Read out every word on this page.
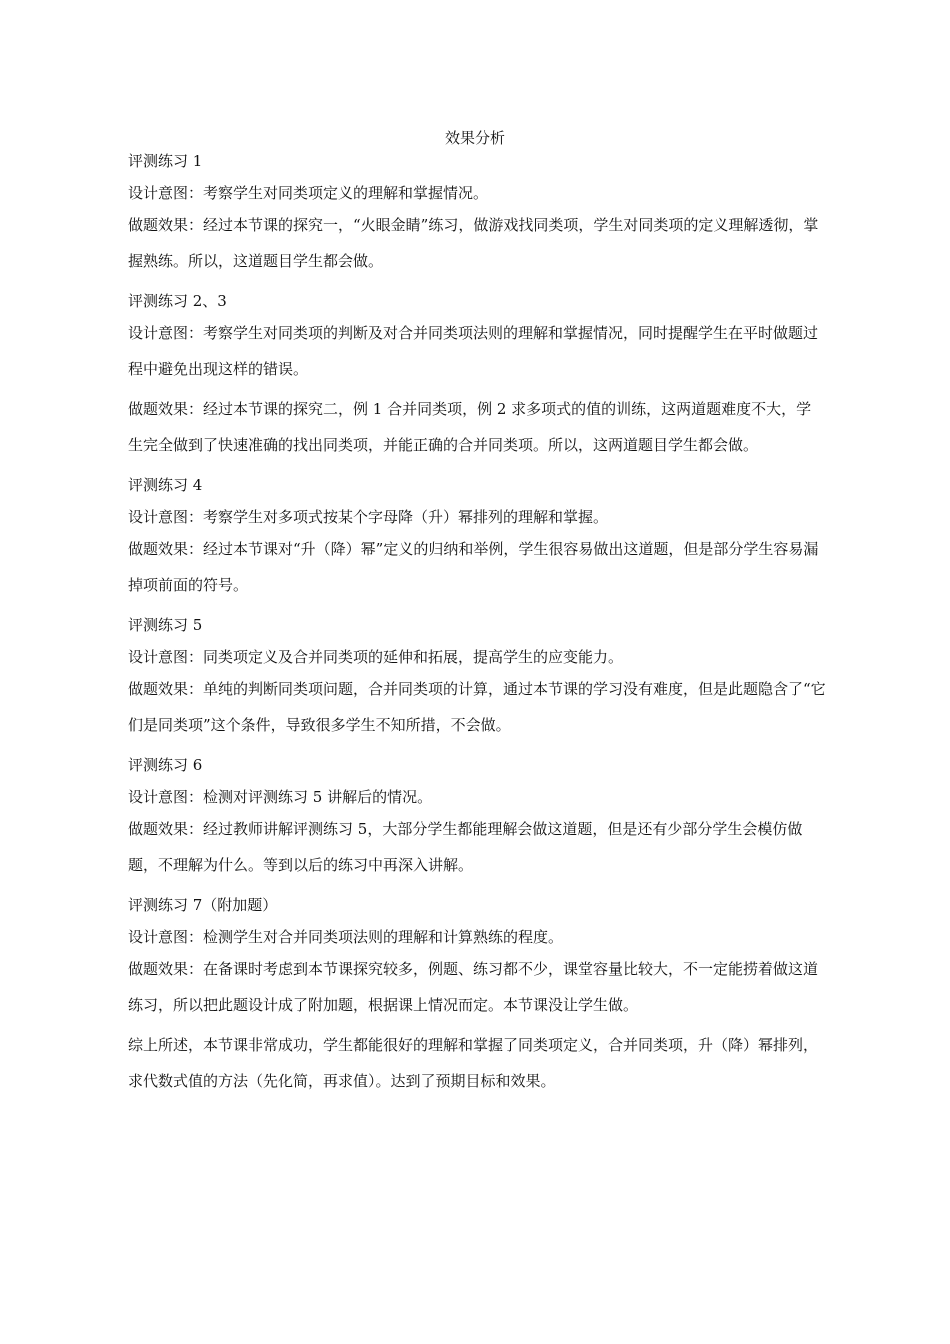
效果分析

评测练习 1

设计意图：考察学生对同类项定义的理解和掌握情况。

做题效果：经过本节课的探究一，“火眼金睛”练习，做游戏找同类项，学生对同类项的定义理解透彻，掌握熟练。所以，这道题目学生都会做。

评测练习 2、3

设计意图：考察学生对同类项的判断及对合并同类项法则的理解和掌握情况，同时提醒学生在平时做题过程中避免出现这样的错误。

做题效果：经过本节课的探究二，例 1 合并同类项，例 2 求多项式的值的训练，这两道题难度不大，学生完全做到了快速准确的找出同类项，并能正确的合并同类项。所以，这两道题目学生都会做。

评测练习 4

设计意图：考察学生对多项式按某个字母降（升）幂排列的理解和掌握。

做题效果：经过本节课对“升（降）幂”定义的归纳和举例，学生很容易做出这道题，但是部分学生容易漏掉项前面的符号。

评测练习 5

设计意图：同类项定义及合并同类项的延伸和拓展，提高学生的应变能力。

做题效果：单纯的判断同类项问题，合并同类项的计算，通过本节课的学习没有难度，但是此题隐含了“它们是同类项”这个条件，导致很多学生不知所措，不会做。

评测练习 6

设计意图：检测对评测练习 5 讲解后的情况。

做题效果：经过教师讲解评测练习 5，大部分学生都能理解会做这道题，但是还有少部分学生会模仿做题，不理解为什么。等到以后的练习中再深入讲解。

评测练习 7（附加题）

设计意图：检测学生对合并同类项法则的理解和计算熟练的程度。

做题效果：在备课时考虑到本节课探究较多，例题、练习都不少，课堂容量比较大，不一定能捞着做这道练习，所以把此题设计成了附加题，根据课上情况而定。本节课没让学生做。

综上所述，本节课非常成功，学生都能很好的理解和掌握了同类项定义，合并同类项，升（降）幂排列，求代数式值的方法（先化简，再求值）。达到了预期目标和效果。
